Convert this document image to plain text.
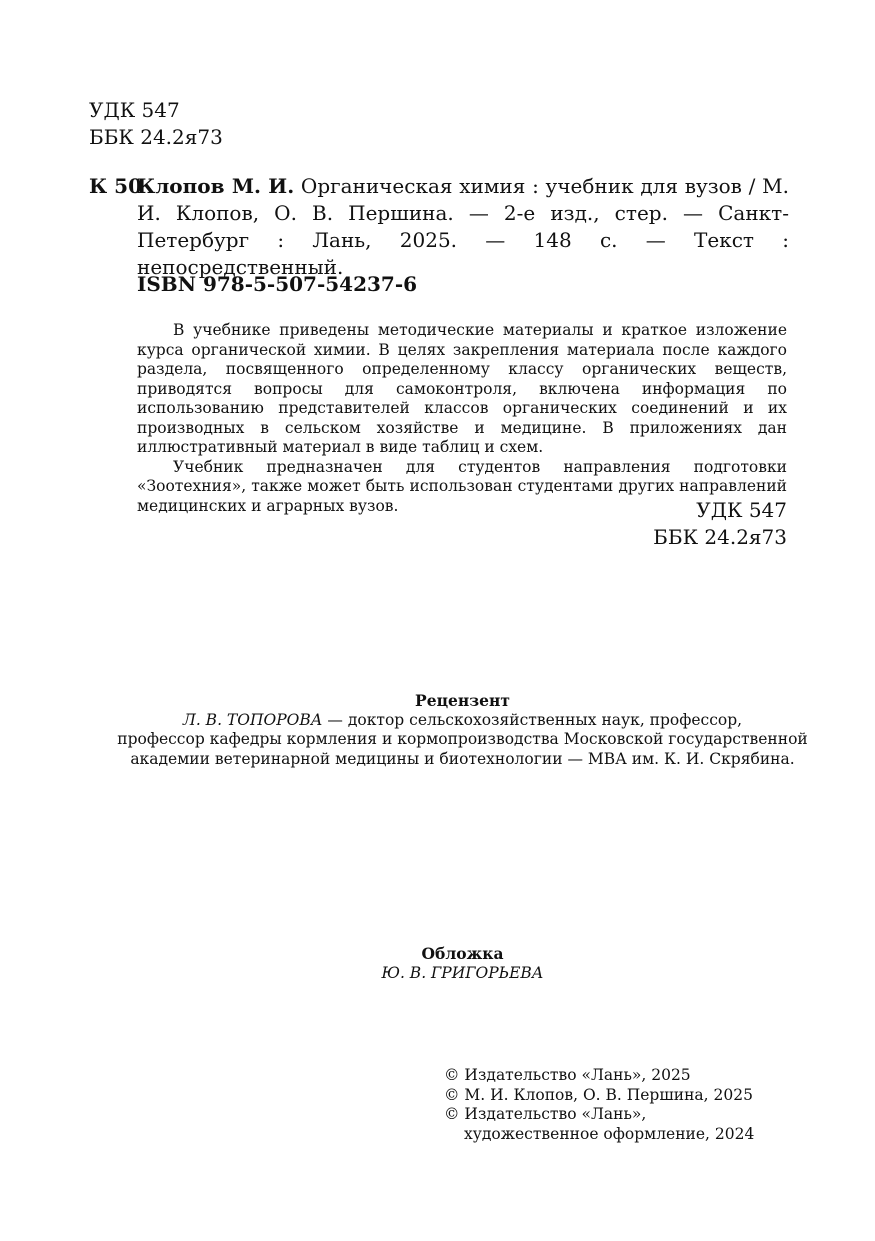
УДК 547
ББК 24.2я73
К 50
Клопов М. И. Органическая химия : учебник для вузов / М. И. Клопов, О. В. Першина. — 2-е изд., стер. — Санкт-Петербург : Лань, 2025. — 148 с. — Текст : непосредственный.
ISBN 978-5-507-54237-6

В учебнике приведены методические материалы и краткое изложение курса органической химии. В целях закрепления материала после каждого раздела, посвященного определенному классу органических веществ, приводятся вопросы для самоконтроля, включена информация по использованию представителей классов органических соединений и их производных в сельском хозяйстве и медицине. В приложениях дан иллюстративный материал в виде таблиц и схем.

Учебник предназначен для студентов направления подготовки «Зоотехния», также может быть использован студентами других направлений медицинских и аграрных вузов.	УДК 547
ББК 24.2я73
Рецензент
Л. В. ТОПОРОВА — доктор сельскохозяйственных наук, профессор,
профессор кафедры кормления и кормопроизводства Московской государственной
академии ветеринарной медицины и биотехнологии — МВА им. К. И. Скрябина.
Обложка
Ю. В. ГРИГОРЬЕВА
© Издательство «Лань», 2025
© М. И. Клопов, О. В. Першина, 2025
© Издательство «Лань»,
художественное оформление, 2024
